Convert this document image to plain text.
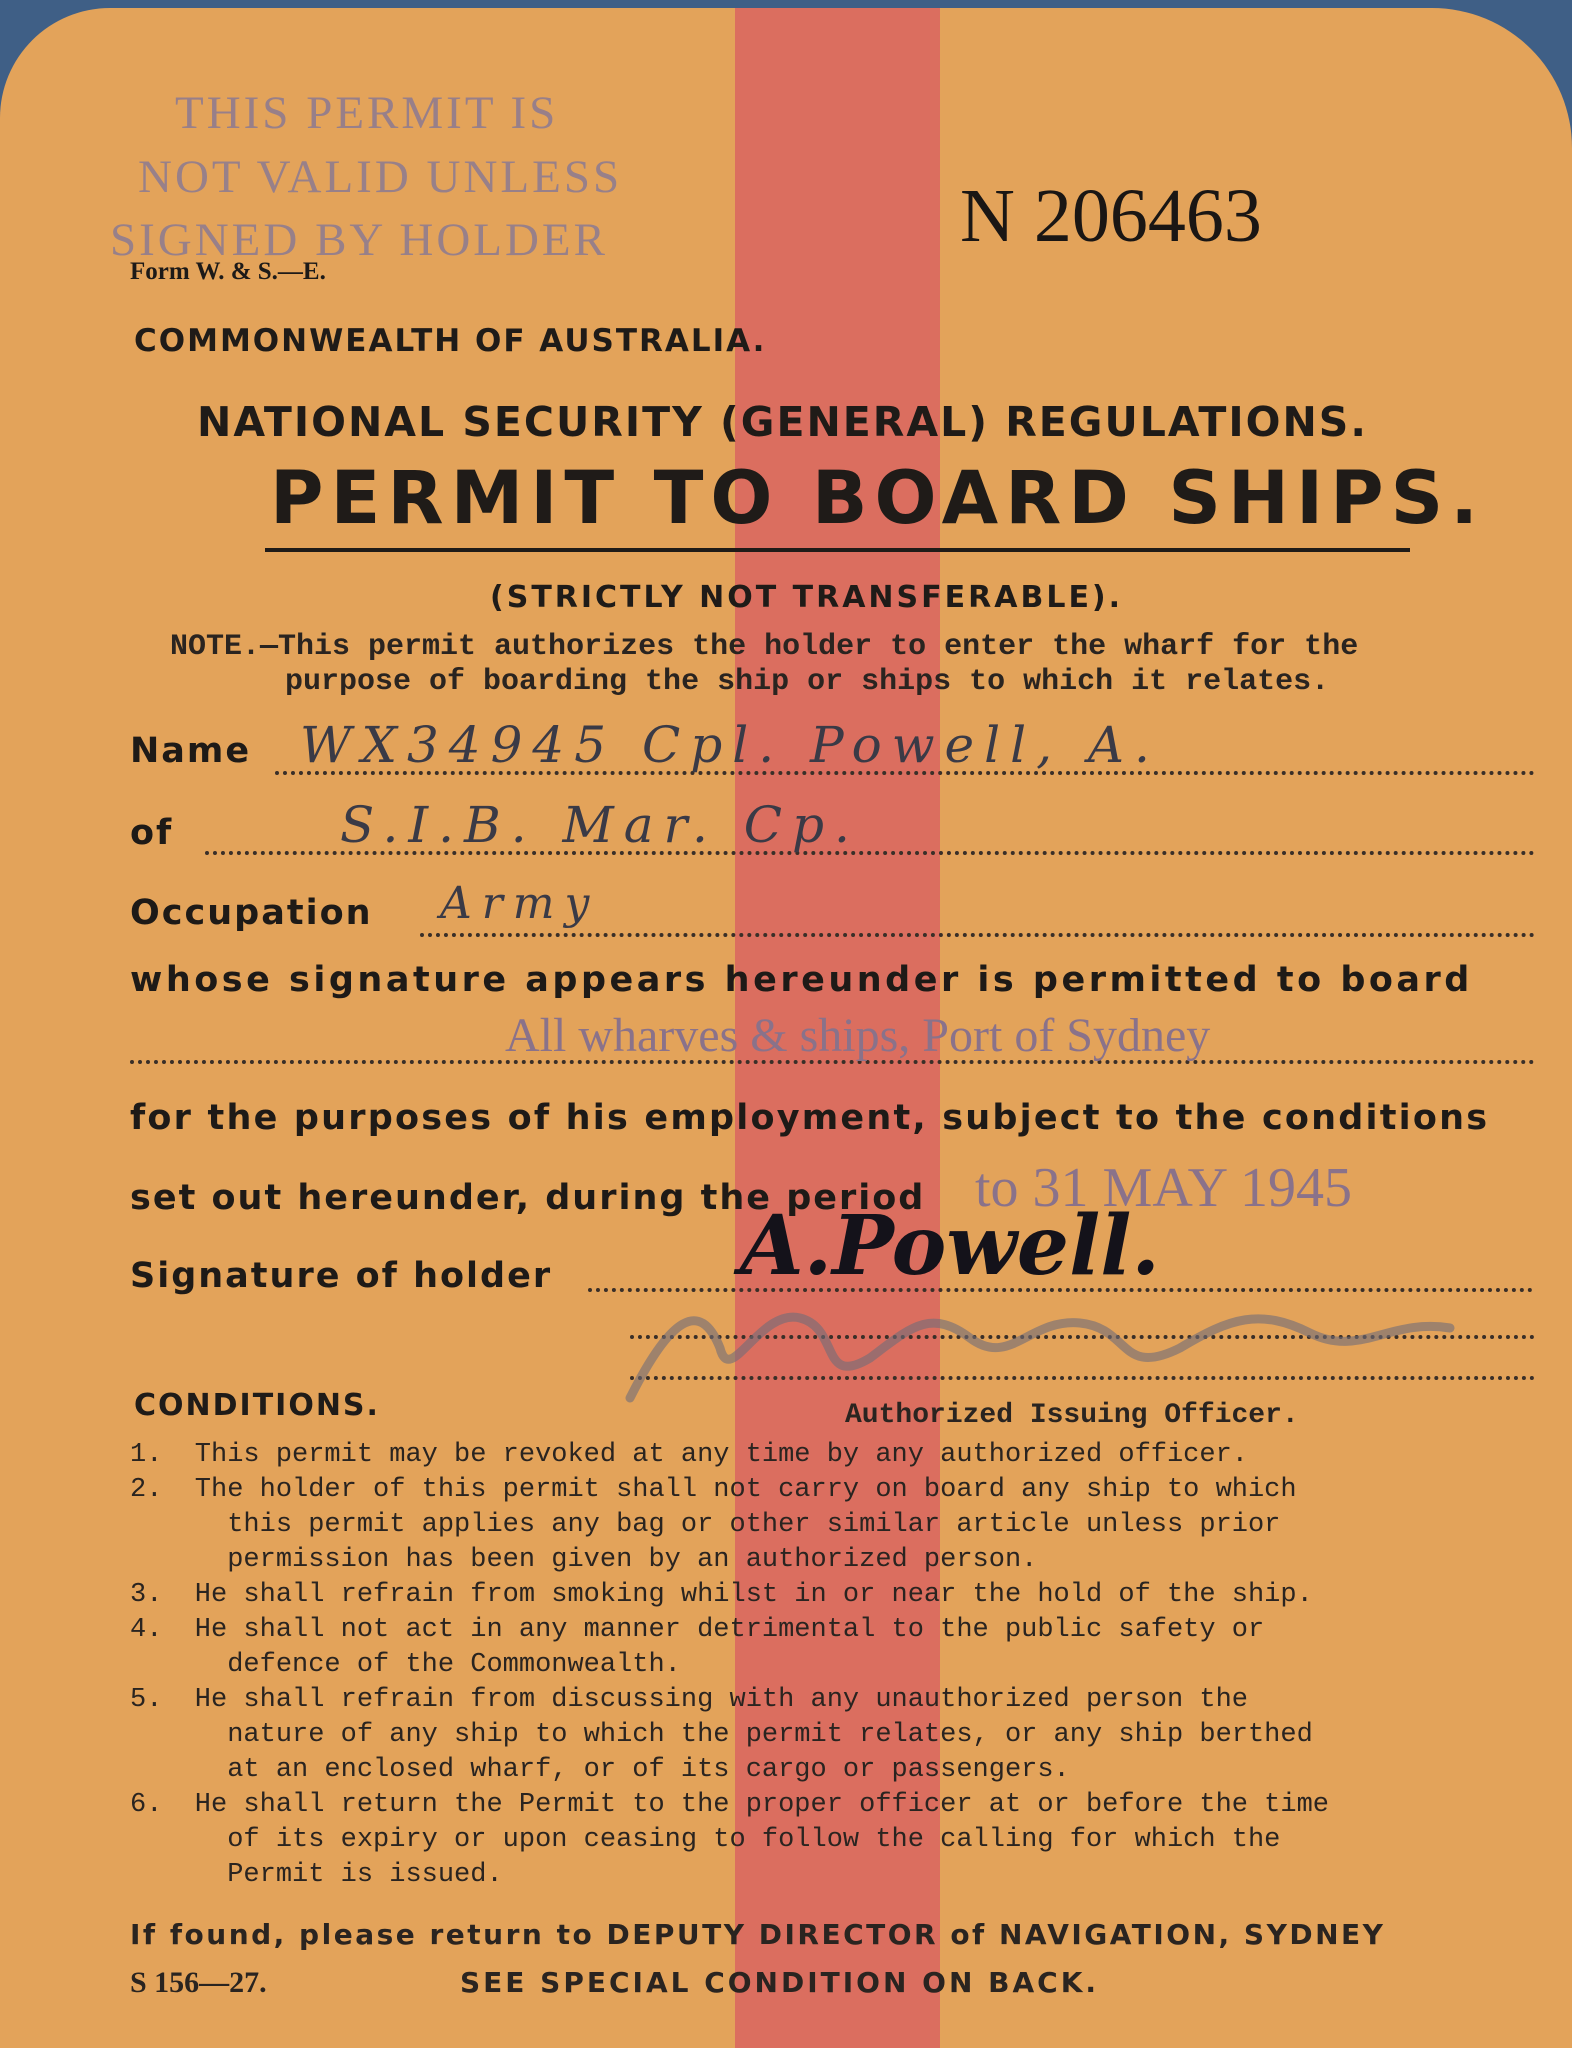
THIS PERMIT IS
NOT VALID UNLESS
SIGNED BY HOLDER	N 206463
Form W. & S.—E.
COMMONWEALTH OF AUSTRALIA.
NATIONAL SECURITY (GENERAL) REGULATIONS.
PERMIT TO BOARD SHIPS.
(STRICTLY NOT TRANSFERABLE).
NOTE.—This permit authorizes the holder to enter the wharf for the
purpose of boarding the ship or ships to which it relates.
Name WX34945 Cpl. Powell, A.
of	S.I.B. Mar. Cp.
Occupation Army
whose signature appears hereunder is permitted to board
All wharves & ships, Port of Sydney
for the purposes of his employment, subject to the conditions
set out hereunder, during the period to 31 MAY 1945
Signature of holder A.Powell.
CONDITIONS.	Authorized Issuing Officer.
1.  This permit may be revoked at any time by any authorized officer.
2.  The holder of this permit shall not carry on board any ship to which
this permit applies any bag or other similar article unless prior
permission has been given by an authorized person.
3.  He shall refrain from smoking whilst in or near the hold of the ship.
4.  He shall not act in any manner detrimental to the public safety or
defence of the Commonwealth.
5.  He shall refrain from discussing with any unauthorized person the
nature of any ship to which the permit relates, or any ship berthed
at an enclosed wharf, or of its cargo or passengers.
6.  He shall return the Permit to the proper officer at or before the time
of its expiry or upon ceasing to follow the calling for which the
Permit is issued.
If found, please return to DEPUTY DIRECTOR of NAVIGATION, SYDNEY
S 156—27.	SEE SPECIAL CONDITION ON BACK.
